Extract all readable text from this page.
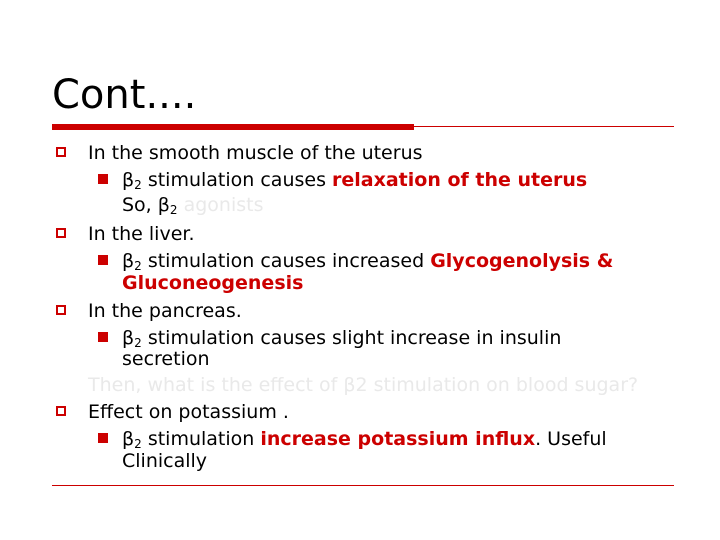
Cont....
In the smooth muscle of the uterus
$\beta_2$ stimulation causes relaxation of the uterus
So, $\beta_2$ agonists
In the liver.
$\beta_2$ stimulation causes increased Glycogenolysis &
Gluconeogenesis
In the pancreas.
$\beta_2$ stimulation causes slight increase in insulin
secretion
Then, what is the effect of β2 stimulation on blood sugar?
Effect on potassium .
$\beta_2$ stimulation increase potassium influx. Useful
Clinically
